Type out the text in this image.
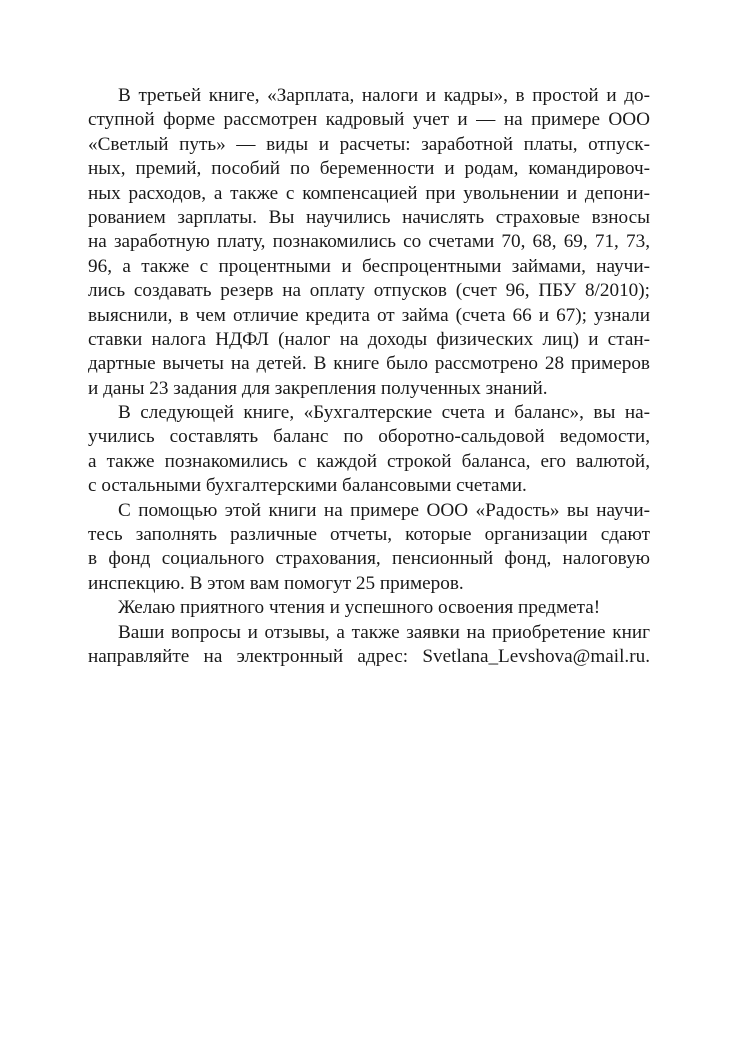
В третьей книге, «Зарплата, налоги и кадры», в простой и до-
ступной форме рассмотрен кадровый учет и — на примере ООО
«Светлый путь» — виды и расчеты: заработной платы, отпуск-
ных, премий, пособий по беременности и родам, командировоч-
ных расходов, а также с компенсацией при увольнении и депони-
рованием зарплаты. Вы научились начислять страховые взносы
на заработную плату, познакомились со счетами 70, 68, 69, 71, 73,
96, а также с процентными и беспроцентными займами, научи-
лись создавать резерв на оплату отпусков (счет 96, ПБУ 8/2010);
выяснили, в чем отличие кредита от займа (счета 66 и 67); узнали
ставки налога НДФЛ (налог на доходы физических лиц) и стан-
дартные вычеты на детей. В книге было рассмотрено 28 примеров
и даны 23 задания для закрепления полученных знаний.
В следующей книге, «Бухгалтерские счета и баланс», вы на-
учились составлять баланс по оборотно-сальдовой ведомости,
а также познакомились с каждой строкой баланса, его валютой,
с остальными бухгалтерскими балансовыми счетами.
С помощью этой книги на примере ООО «Радость» вы научи-
тесь заполнять различные отчеты, которые организации сдают
в фонд социального страхования, пенсионный фонд, налоговую
инспекцию. В этом вам помогут 25 примеров.
Желаю приятного чтения и успешного освоения предмета!
Ваши вопросы и отзывы, а также заявки на приобретение книг
направляйте на электронный адрес: Svetlana_Levshova@mail.ru.
